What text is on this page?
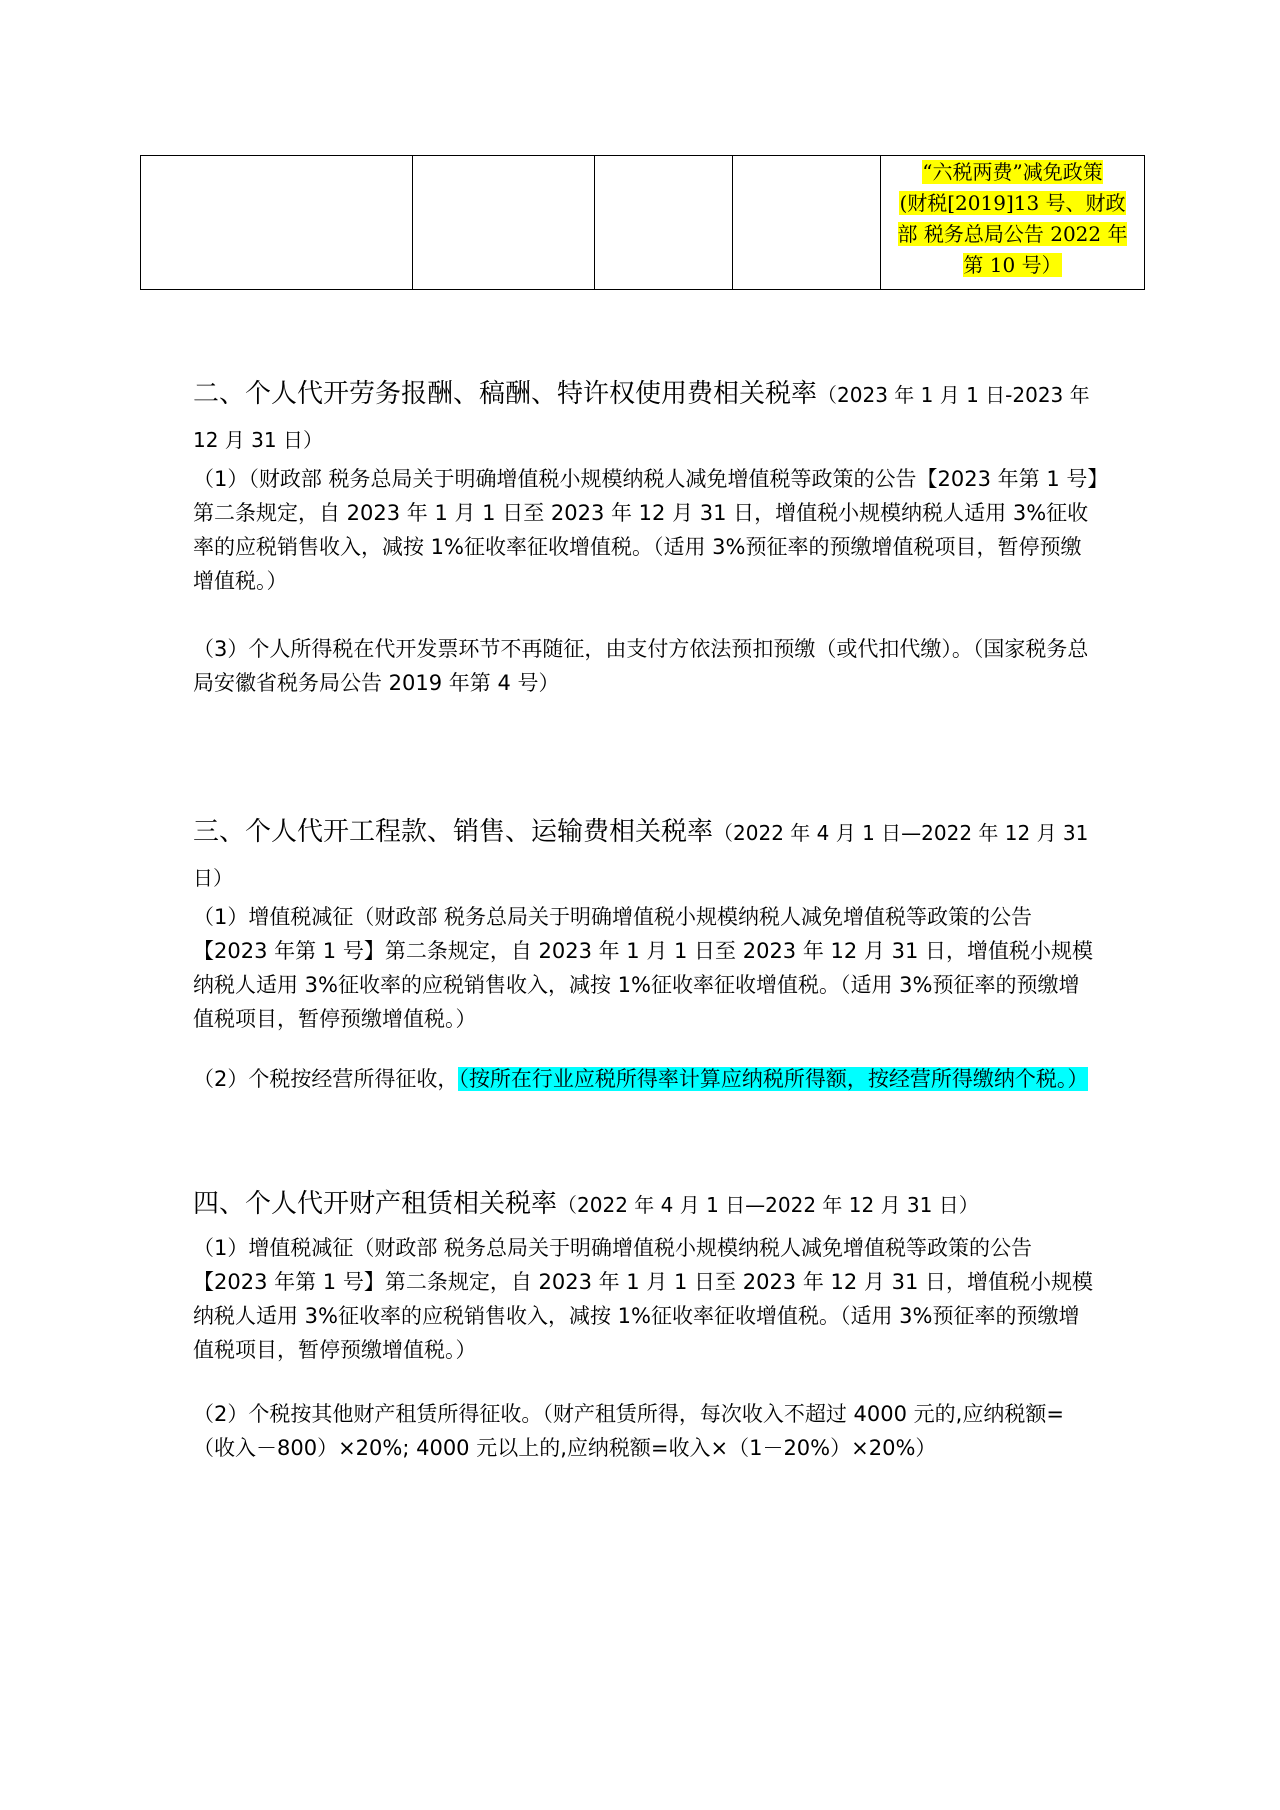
				“六税两费”减免政策
(财税[2019]13 号、财政
部 税务总局公告 2022 年
第 10 号）

二、个人代开劳务报酬、稿酬、特许权使用费相关税率（2023 年 1 月 1 日-2023 年 12 月 31 日）

（1）（财政部 税务总局关于明确增值税小规模纳税人减免增值税等政策的公告【2023 年第 1 号】第二条规定，自 2023 年 1 月 1 日至 2023 年 12 月 31 日，增值税小规模纳税人适用 3%征收率的应税销售收入，减按 1%征收率征收增值税。（适用 3%预征率的预缴增值税项目，暂停预缴增值税。）

（3）个人所得税在代开发票环节不再随征，由支付方依法预扣预缴（或代扣代缴）。（国家税务总局安徽省税务局公告 2019 年第 4 号）

三、个人代开工程款、销售、运输费相关税率（2022 年 4 月 1 日—2022 年 12 月 31 日）

（1）增值税减征（财政部 税务总局关于明确增值税小规模纳税人减免增值税等政策的公告【2023 年第 1 号】第二条规定，自 2023 年 1 月 1 日至 2023 年 12 月 31 日，增值税小规模纳税人适用 3%征收率的应税销售收入，减按 1%征收率征收增值税。（适用 3%预征率的预缴增值税项目，暂停预缴增值税。）

（2）个税按经营所得征收，（按所在行业应税所得率计算应纳税所得额，按经营所得缴纳个税。）

四、个人代开财产租赁相关税率（2022 年 4 月 1 日—2022 年 12 月 31 日）

（1）增值税减征（财政部 税务总局关于明确增值税小规模纳税人减免增值税等政策的公告【2023 年第 1 号】第二条规定，自 2023 年 1 月 1 日至 2023 年 12 月 31 日，增值税小规模纳税人适用 3%征收率的应税销售收入，减按 1%征收率征收增值税。（适用 3%预征率的预缴增值税项目，暂停预缴增值税。）

（2）个税按其他财产租赁所得征收。（财产租赁所得，每次收入不超过 4000 元的,应纳税额=（收入－800）×20%; 4000 元以上的,应纳税额=收入×（1－20%）×20%）
